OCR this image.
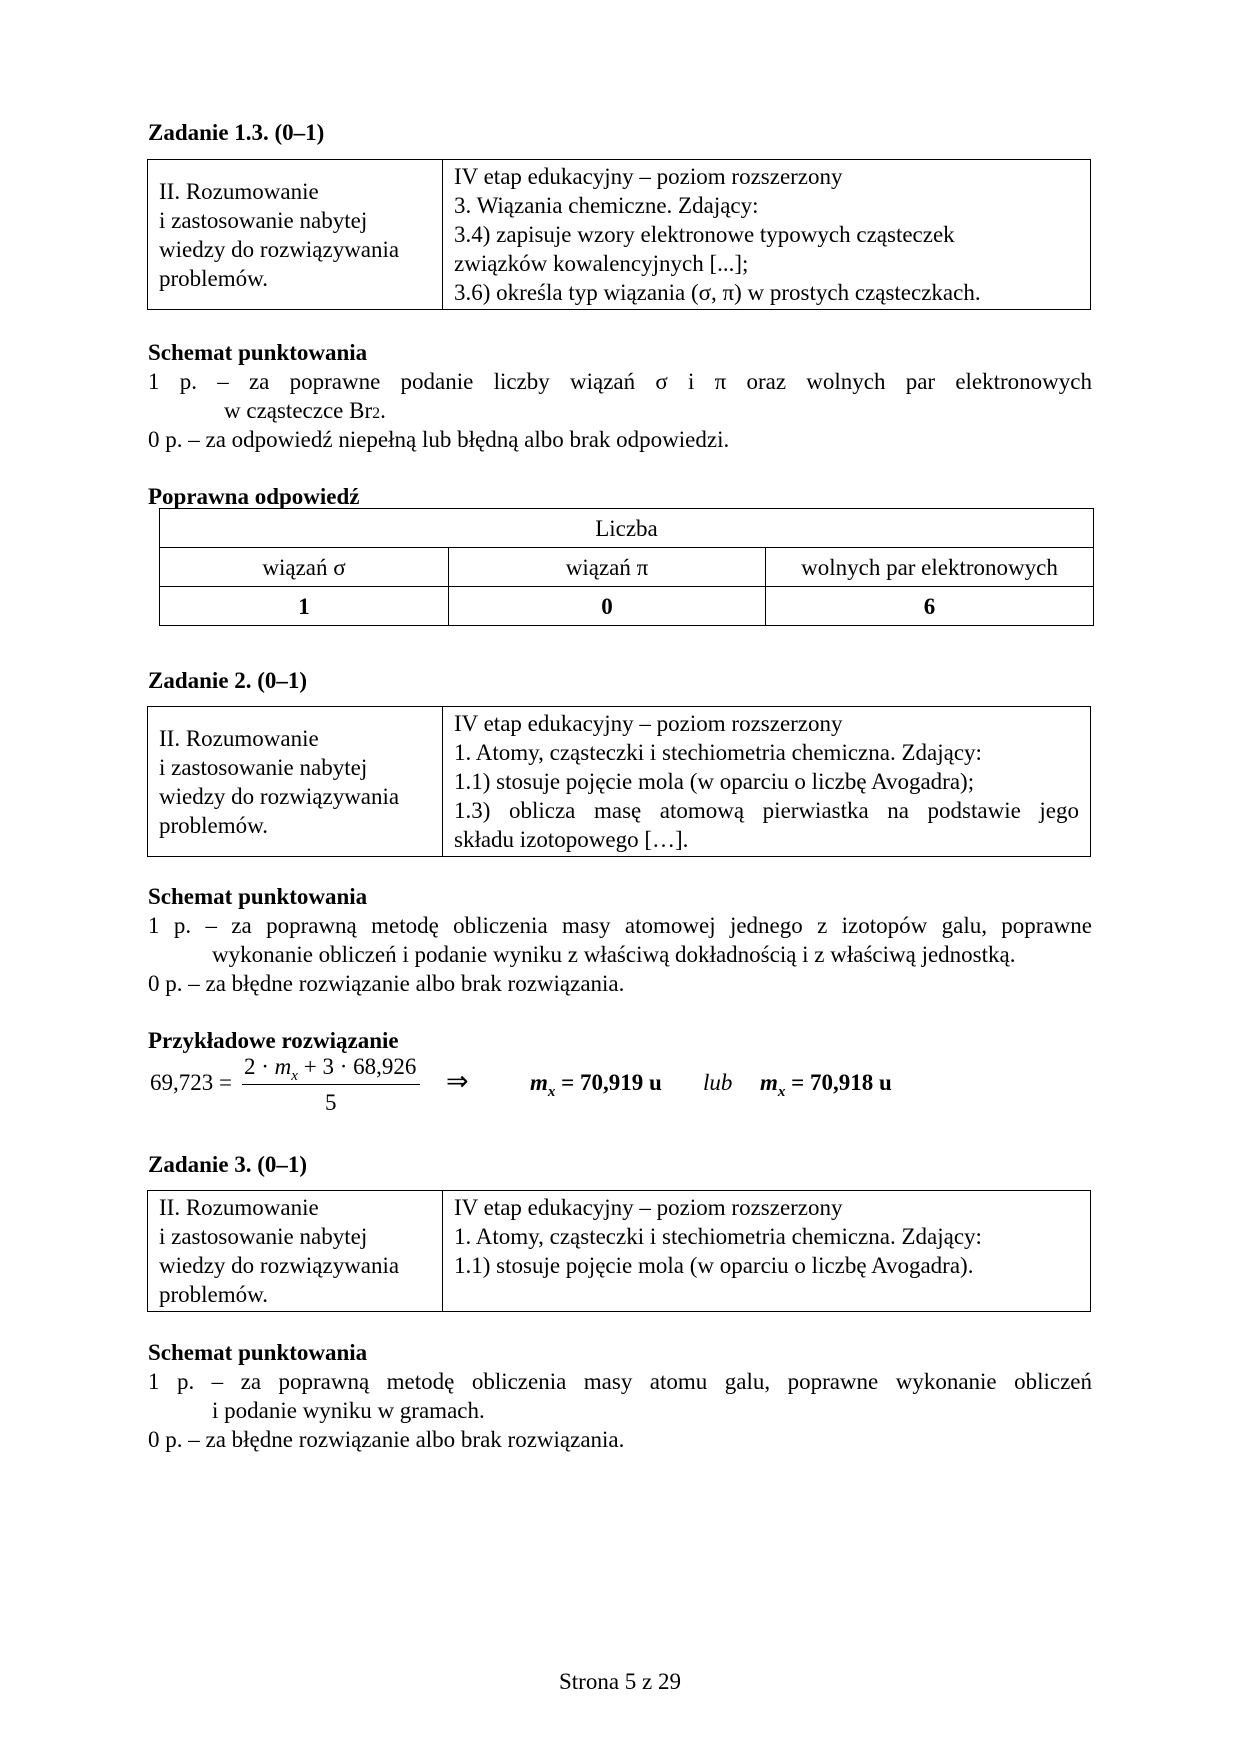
Zadanie 1.3. (0–1)
II. Rozumowanie
i zastosowanie nabytej
wiedzy do rozwiązywania
problemów.

IV etap edukacyjny – poziom rozszerzony
3. Wiązania chemiczne. Zdający:
3.4) zapisuje wzory elektronowe typowych cząsteczek
związków kowalencyjnych [...];
3.6) określa typ wiązania (σ, π) w prostych cząsteczkach.
Schemat punktowania
1 p. – za poprawne podanie liczby wiązań σ i π oraz wolnych par elektronowych
w cząsteczce Br2.
0 p. – za odpowiedź niepełną lub błędną albo brak odpowiedzi.
Poprawna odpowiedź
Liczba		
wiązań σ	wiązań π	wolnych par elektronowych
1	0	6
Zadanie 2. (0–1)
II. Rozumowanie
i zastosowanie nabytej
wiedzy do rozwiązywania
problemów.

IV etap edukacyjny – poziom rozszerzony
1. Atomy, cząsteczki i stechiometria chemiczna. Zdający:
1.1) stosuje pojęcie mola (w oparciu o liczbę Avogadra);
1.3) oblicza masę atomową pierwiastka na podstawie jego
składu izotopowego […].
Schemat punktowania
1 p. – za poprawną metodę obliczenia masy atomowej jednego z izotopów galu, poprawne
wykonanie obliczeń i podanie wyniku z właściwą dokładnością i z właściwą jednostką.
0 p. – za błędne rozwiązanie albo brak rozwiązania.
Przykładowe rozwiązanie
69,723 =
$2 \cdot m_x + 3 \cdot 68,926$
5
⇒	$m_x = 70,919$ u lub $m_x = 70,918$ u
Zadanie 3. (0–1)
II. Rozumowanie
i zastosowanie nabytej
wiedzy do rozwiązywania
problemów.

IV etap edukacyjny – poziom rozszerzony
1. Atomy, cząsteczki i stechiometria chemiczna. Zdający:
1.1) stosuje pojęcie mola (w oparciu o liczbę Avogadra).
Schemat punktowania
1 p. – za poprawną metodę obliczenia masy atomu galu, poprawne wykonanie obliczeń
i podanie wyniku w gramach.
0 p. – za błędne rozwiązanie albo brak rozwiązania.
Strona 5 z 29
